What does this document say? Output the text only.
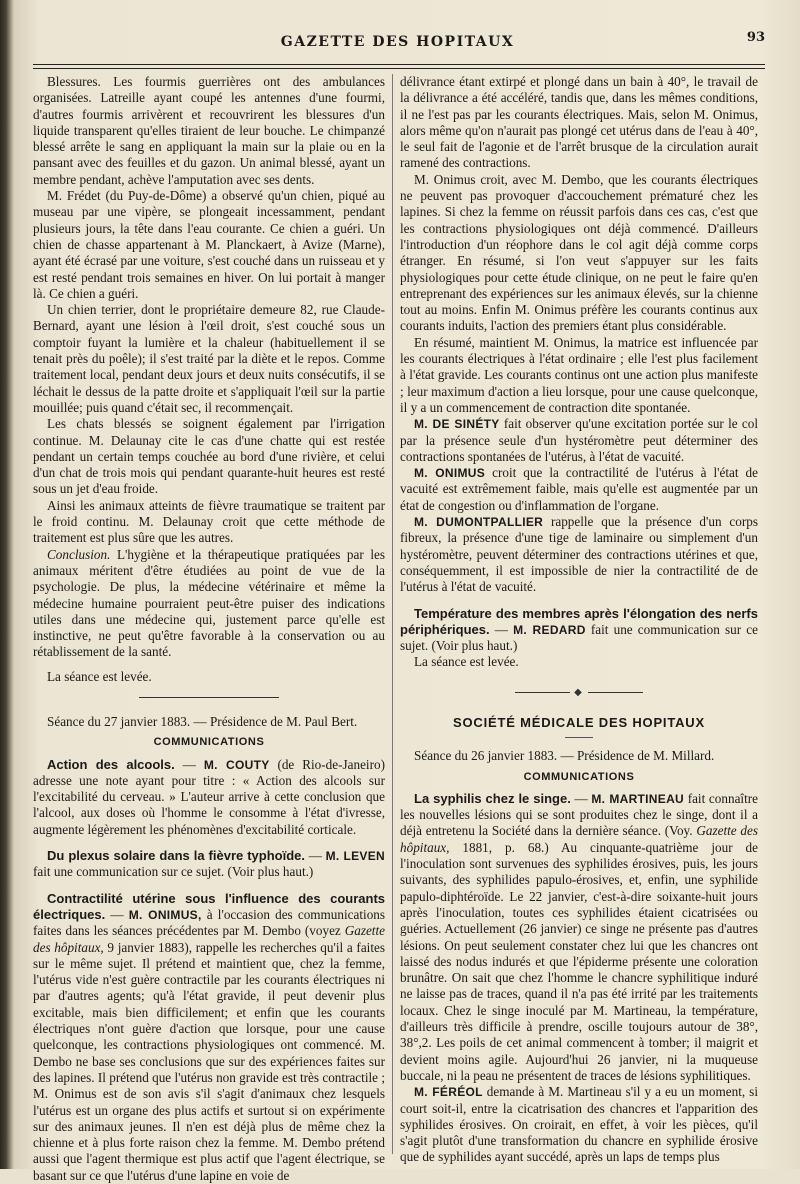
GAZETTE DES HOPITAUX	93

Blessures. Les fourmis guerrières ont des ambulances organisées. Latreille ayant coupé les antennes d'une fourmi, d'autres fourmis arrivèrent et recouvrirent les blessures d'un liquide transparent qu'elles tiraient de leur bouche. Le chimpanzé blessé arrête le sang en appliquant la main sur la plaie ou en la pansant avec des feuilles et du gazon. Un animal blessé, ayant un membre pendant, achève l'amputation avec ses dents.

M. Frédet (du Puy-de-Dôme) a observé qu'un chien, piqué au museau par une vipère, se plongeait incessamment, pendant plusieurs jours, la tête dans l'eau courante. Ce chien a guéri. Un chien de chasse appartenant à M. Planckaert, à Avize (Marne), ayant été écrasé par une voiture, s'est couché dans un ruisseau et y est resté pendant trois semaines en hiver. On lui portait à manger là. Ce chien a guéri.

Un chien terrier, dont le propriétaire demeure 82, rue Claude-Bernard, ayant une lésion à l'œil droit, s'est couché sous un comptoir fuyant la lumière et la chaleur (habituellement il se tenait près du poêle); il s'est traité par la diète et le repos. Comme traitement local, pendant deux jours et deux nuits consécutifs, il se léchait le dessus de la patte droite et s'appliquait l'œil sur la partie mouillée; puis quand c'était sec, il recommençait.

Les chats blessés se soignent également par l'irrigation continue. M. Delaunay cite le cas d'une chatte qui est restée pendant un certain temps couchée au bord d'une rivière, et celui d'un chat de trois mois qui pendant quarante-huit heures est resté sous un jet d'eau froide.

Ainsi les animaux atteints de fièvre traumatique se traitent par le froid continu. M. Delaunay croit que cette méthode de traitement est plus sûre que les autres.

Conclusion. L'hygiène et la thérapeutique pratiquées par les animaux méritent d'être étudiées au point de vue de la psychologie. De plus, la médecine vétérinaire et même la médecine humaine pourraient peut-être puiser des indications utiles dans une médecine qui, justement parce qu'elle est instinctive, ne peut qu'être favorable à la conservation ou au rétablissement de la santé.

La séance est levée.

Séance du 27 janvier 1883. — Présidence de M. Paul Bert.

COMMUNICATIONS

Action des alcools. — M. COUTY (de Rio-de-Janeiro) adresse une note ayant pour titre : « Action des alcools sur l'excitabilité du cerveau. » L'auteur arrive à cette conclusion que l'alcool, aux doses où l'homme le consomme à l'état d'ivresse, augmente légèrement les phénomènes d'excitabilité corticale.

Du plexus solaire dans la fièvre typhoïde. — M. LEVEN fait une communication sur ce sujet. (Voir plus haut.)

Contractilité utérine sous l'influence des courants électriques. — M. ONIMUS, à l'occasion des communications faites dans les séances précédentes par M. Dembo (voyez Gazette des hôpitaux, 9 janvier 1883), rappelle les recherches qu'il a faites sur le même sujet. Il prétend et maintient que, chez la femme, l'utérus vide n'est guère contractile par les courants électriques ni par d'autres agents; qu'à l'état gravide, il peut devenir plus excitable, mais bien difficilement; et enfin que les courants électriques n'ont guère d'action que lorsque, pour une cause quelconque, les contractions physiologiques ont commencé. M. Dembo ne base ses conclusions que sur des expériences faites sur des lapines. Il prétend que l'utérus non gravide est très contractile ; M. Onimus est de son avis s'il s'agit d'animaux chez lesquels l'utérus est un organe des plus actifs et surtout si on expérimente sur des animaux jeunes. Il n'en est déjà plus de même chez la chienne et à plus forte raison chez la femme. M. Dembo prétend aussi que l'agent thermique est plus actif que l'agent électrique, se basant sur ce que l'utérus d'une lapine en voie de

délivrance étant extirpé et plongé dans un bain à 40°, le travail de la délivrance a été accéléré, tandis que, dans les mêmes conditions, il ne l'est pas par les courants électriques. Mais, selon M. Onimus, alors même qu'on n'aurait pas plongé cet utérus dans de l'eau à 40°, le seul fait de l'agonie et de l'arrêt brusque de la circulation aurait ramené des contractions.

M. Onimus croit, avec M. Dembo, que les courants électriques ne peuvent pas provoquer d'accouchement prématuré chez les lapines. Si chez la femme on réussit parfois dans ces cas, c'est que les contractions physiologiques ont déjà commencé. D'ailleurs l'introduction d'un réophore dans le col agit déjà comme corps étranger. En résumé, si l'on veut s'appuyer sur les faits physiologiques pour cette étude clinique, on ne peut le faire qu'en entreprenant des expériences sur les animaux élevés, sur la chienne tout au moins. Enfin M. Onimus préfère les courants continus aux courants induits, l'action des premiers étant plus considérable.

En résumé, maintient M. Onimus, la matrice est influencée par les courants électriques à l'état ordinaire ; elle l'est plus facilement à l'état gravide. Les courants continus ont une action plus manifeste ; leur maximum d'action a lieu lorsque, pour une cause quelconque, il y a un commencement de contraction dite spontanée.

M. DE SINÉTY fait observer qu'une excitation portée sur le col par la présence seule d'un hystéromètre peut déterminer des contractions spontanées de l'utérus, à l'état de vacuité.

M. ONIMUS croit que la contractilité de l'utérus à l'état de vacuité est extrêmement faible, mais qu'elle est augmentée par un état de congestion ou d'inflammation de l'organe.

M. DUMONTPALLIER rappelle que la présence d'un corps fibreux, la présence d'une tige de laminaire ou simplement d'un hystéromètre, peuvent déterminer des contractions utérines et que, conséquemment, il est impossible de nier la contractilité de de l'utérus à l'état de vacuité.

Température des membres après l'élongation des nerfs périphériques. — M. REDARD fait une communication sur ce sujet. (Voir plus haut.)

La séance est levée.

◆
SOCIÉTÉ MÉDICALE DES HOPITAUX

Séance du 26 janvier 1883. — Présidence de M. Millard.

COMMUNICATIONS

La syphilis chez le singe. — M. MARTINEAU fait connaître les nouvelles lésions qui se sont produites chez le singe, dont il a déjà entretenu la Société dans la dernière séance. (Voy. Gazette des hôpitaux, 1881, p. 68.) Au cinquante-quatrième jour de l'inoculation sont survenues des syphilides érosives, puis, les jours suivants, des syphilides papulo-érosives, et, enfin, une syphilide papulo-diphtéroïde. Le 22 janvier, c'est-à-dire soixante-huit jours après l'inoculation, toutes ces syphilides étaient cicatrisées ou guéries. Actuellement (26 janvier) ce singe ne présente pas d'autres lésions. On peut seulement constater chez lui que les chancres ont laissé des nodus indurés et que l'épiderme présente une coloration brunâtre. On sait que chez l'homme le chancre syphilitique induré ne laisse pas de traces, quand il n'a pas été irrité par les traitements locaux. Chez le singe inoculé par M. Martineau, la température, d'ailleurs très difficile à prendre, oscille toujours autour de 38°, 38°,2. Les poils de cet animal commencent à tomber; il maigrit et devient moins agile. Aujourd'hui 26 janvier, ni la muqueuse buccale, ni la peau ne présentent de traces de lésions syphilitiques.

M. FÉRÉOL demande à M. Martineau s'il y a eu un moment, si court soit-il, entre la cicatrisation des chancres et l'apparition des syphilides érosives. On croirait, en effet, à voir les pièces, qu'il s'agit plutôt d'une transformation du chancre en syphilide érosive que de syphilides ayant succédé, après un laps de temps plus
